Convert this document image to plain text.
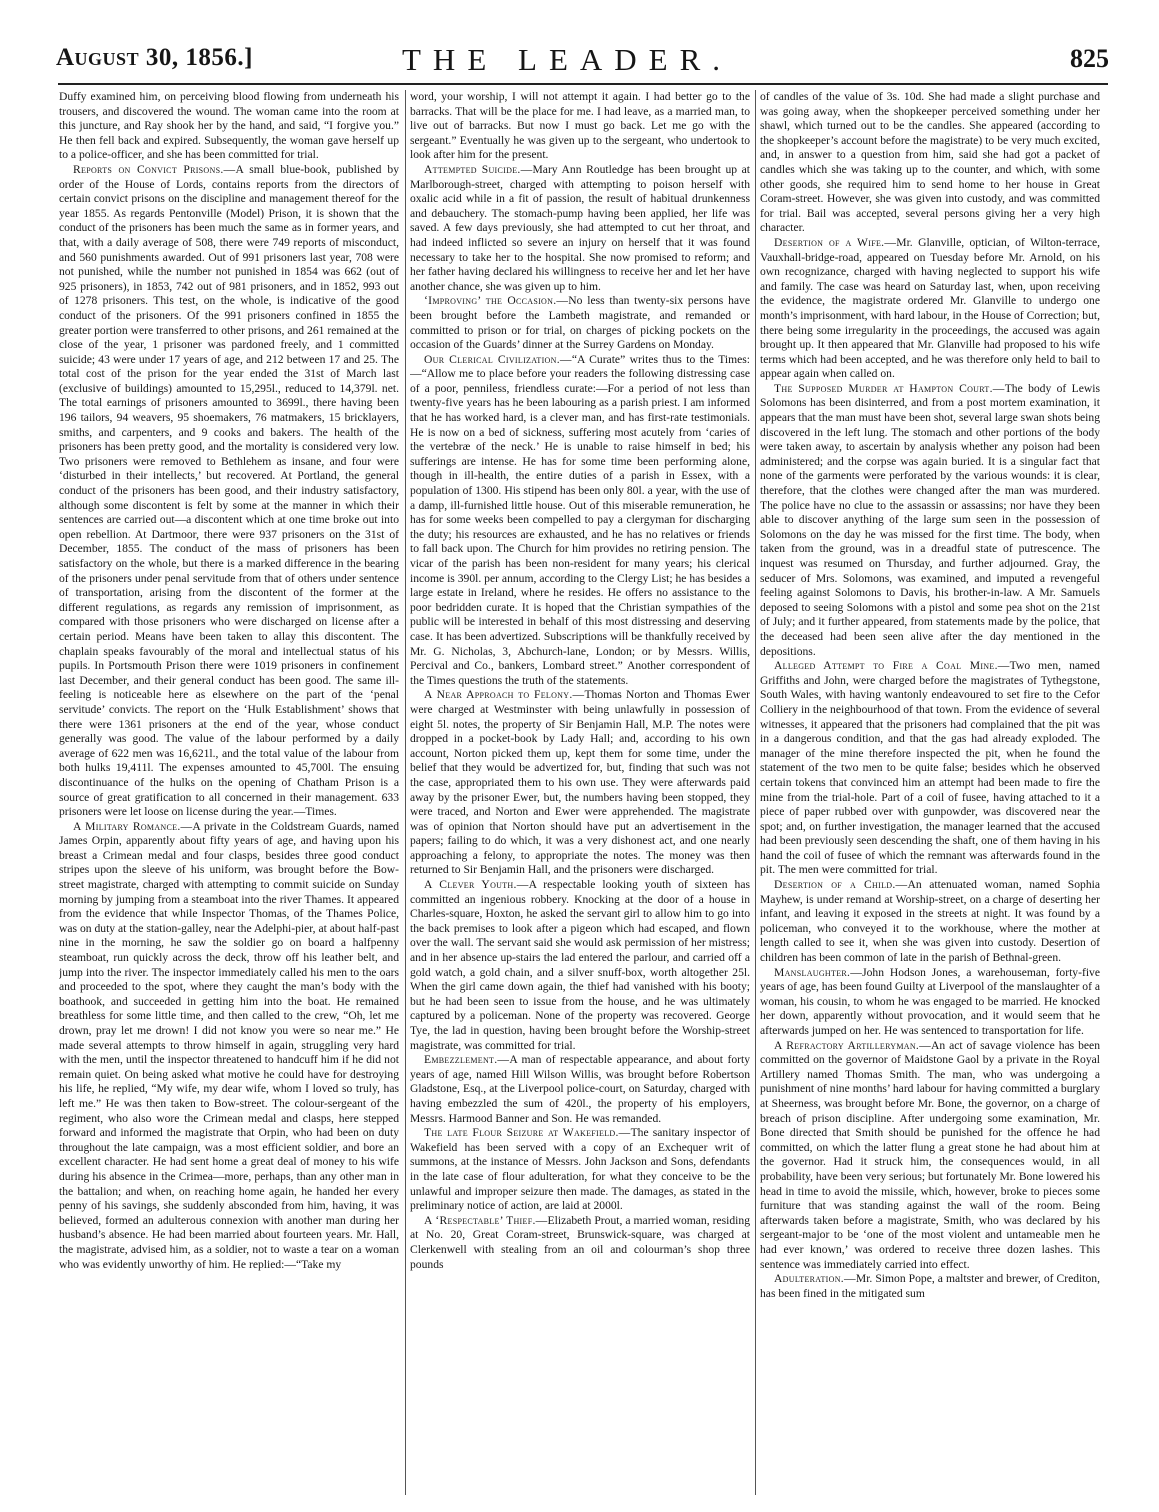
August 30, 1856.]	THE LEADER.	825

Duffy examined him, on perceiving blood flowing from underneath his trousers, and discovered the wound. The woman came into the room at this juncture, and Ray shook her by the hand, and said, “I forgive you.” He then fell back and expired. Subsequently, the woman gave herself up to a police-officer, and she has been committed for trial.

Reports on Convict Prisons.—A small blue-book, published by order of the House of Lords, contains reports from the directors of certain convict prisons on the discipline and management thereof for the year 1855. As regards Pentonville (Model) Prison, it is shown that the conduct of the prisoners has been much the same as in former years, and that, with a daily average of 508, there were 749 reports of misconduct, and 560 punishments awarded. Out of 991 prisoners last year, 708 were not punished, while the number not punished in 1854 was 662 (out of 925 prisoners), in 1853, 742 out of 981 prisoners, and in 1852, 993 out of 1278 prisoners. This test, on the whole, is indicative of the good conduct of the prisoners. Of the 991 prisoners confined in 1855 the greater portion were transferred to other prisons, and 261 remained at the close of the year, 1 prisoner was pardoned freely, and 1 committed suicide; 43 were under 17 years of age, and 212 between 17 and 25. The total cost of the prison for the year ended the 31st of March last (exclusive of buildings) amounted to 15,295l., reduced to 14,379l. net. The total earnings of prisoners amounted to 3699l., there having been 196 tailors, 94 weavers, 95 shoemakers, 76 matmakers, 15 bricklayers, smiths, and carpenters, and 9 cooks and bakers. The health of the prisoners has been pretty good, and the mortality is considered very low. Two prisoners were removed to Bethlehem as insane, and four were ‘disturbed in their intellects,’ but recovered. At Portland, the general conduct of the prisoners has been good, and their industry satisfactory, although some discontent is felt by some at the manner in which their sentences are carried out—a discontent which at one time broke out into open rebellion. At Dartmoor, there were 937 prisoners on the 31st of December, 1855. The conduct of the mass of prisoners has been satisfactory on the whole, but there is a marked difference in the bearing of the prisoners under penal servitude from that of others under sentence of transportation, arising from the discontent of the former at the different regulations, as regards any remission of imprisonment, as compared with those prisoners who were discharged on license after a certain period. Means have been taken to allay this discontent. The chaplain speaks favourably of the moral and intellectual status of his pupils. In Portsmouth Prison there were 1019 prisoners in confinement last December, and their general conduct has been good. The same ill-feeling is noticeable here as elsewhere on the part of the ‘penal servitude’ convicts. The report on the ‘Hulk Establishment’ shows that there were 1361 prisoners at the end of the year, whose conduct generally was good. The value of the labour performed by a daily average of 622 men was 16,621l., and the total value of the labour from both hulks 19,411l. The expenses amounted to 45,700l. The ensuing discontinuance of the hulks on the opening of Chatham Prison is a source of great gratification to all concerned in their management. 633 prisoners were let loose on license during the year.—Times.

A Military Romance.—A private in the Coldstream Guards, named James Orpin, apparently about fifty years of age, and having upon his breast a Crimean medal and four clasps, besides three good conduct stripes upon the sleeve of his uniform, was brought before the Bow-street magistrate, charged with attempting to commit suicide on Sunday morning by jumping from a steamboat into the river Thames. It appeared from the evidence that while Inspector Thomas, of the Thames Police, was on duty at the station-galley, near the Adelphi-pier, at about half-past nine in the morning, he saw the soldier go on board a halfpenny steamboat, run quickly across the deck, throw off his leather belt, and jump into the river. The inspector immediately called his men to the oars and proceeded to the spot, where they caught the man’s body with the boathook, and succeeded in getting him into the boat. He remained breathless for some little time, and then called to the crew, “Oh, let me drown, pray let me drown! I did not know you were so near me.” He made several attempts to throw himself in again, struggling very hard with the men, until the inspector threatened to handcuff him if he did not remain quiet. On being asked what motive he could have for destroying his life, he replied, “My wife, my dear wife, whom I loved so truly, has left me.” He was then taken to Bow-street. The colour-sergeant of the regiment, who also wore the Crimean medal and clasps, here stepped forward and informed the magistrate that Orpin, who had been on duty throughout the late campaign, was a most efficient soldier, and bore an excellent character. He had sent home a great deal of money to his wife during his absence in the Crimea—more, perhaps, than any other man in the battalion; and when, on reaching home again, he handed her every penny of his savings, she suddenly absconded from him, having, it was believed, formed an adulterous connexion with another man during her husband’s absence. He had been married about fourteen years. Mr. Hall, the magistrate, advised him, as a soldier, not to waste a tear on a woman who was evidently unworthy of him. He replied:—“Take my

word, your worship, I will not attempt it again. I had better go to the barracks. That will be the place for me. I had leave, as a married man, to live out of barracks. But now I must go back. Let me go with the sergeant.” Eventually he was given up to the sergeant, who undertook to look after him for the present.

Attempted Suicide.—Mary Ann Routledge has been brought up at Marlborough-street, charged with attempting to poison herself with oxalic acid while in a fit of passion, the result of habitual drunkenness and debauchery. The stomach-pump having been applied, her life was saved. A few days previously, she had attempted to cut her throat, and had indeed inflicted so severe an injury on herself that it was found necessary to take her to the hospital. She now promised to reform; and her father having declared his willingness to receive her and let her have another chance, she was given up to him.

‘Improving’ the Occasion.—No less than twenty-six persons have been brought before the Lambeth magistrate, and remanded or committed to prison or for trial, on charges of picking pockets on the occasion of the Guards’ dinner at the Surrey Gardens on Monday.

Our Clerical Civilization.—“A Curate” writes thus to the Times:—“Allow me to place before your readers the following distressing case of a poor, penniless, friendless curate:—For a period of not less than twenty-five years has he been labouring as a parish priest. I am informed that he has worked hard, is a clever man, and has first-rate testimonials. He is now on a bed of sickness, suffering most acutely from ‘caries of the vertebræ of the neck.’ He is unable to raise himself in bed; his sufferings are intense. He has for some time been performing alone, though in ill-health, the entire duties of a parish in Essex, with a population of 1300. His stipend has been only 80l. a year, with the use of a damp, ill-furnished little house. Out of this miserable remuneration, he has for some weeks been compelled to pay a clergyman for discharging the duty; his resources are exhausted, and he has no relatives or friends to fall back upon. The Church for him provides no retiring pension. The vicar of the parish has been non-resident for many years; his clerical income is 390l. per annum, according to the Clergy List; he has besides a large estate in Ireland, where he resides. He offers no assistance to the poor bedridden curate. It is hoped that the Christian sympathies of the public will be interested in behalf of this most distressing and deserving case. It has been advertized. Subscriptions will be thankfully received by Mr. G. Nicholas, 3, Abchurch-lane, London; or by Messrs. Willis, Percival and Co., bankers, Lombard street.” Another correspondent of the Times questions the truth of the statements.

A Near Approach to Felony.—Thomas Norton and Thomas Ewer were charged at Westminster with being unlawfully in possession of eight 5l. notes, the property of Sir Benjamin Hall, M.P. The notes were dropped in a pocket-book by Lady Hall; and, according to his own account, Norton picked them up, kept them for some time, under the belief that they would be advertized for, but, finding that such was not the case, appropriated them to his own use. They were afterwards paid away by the prisoner Ewer, but, the numbers having been stopped, they were traced, and Norton and Ewer were apprehended. The magistrate was of opinion that Norton should have put an advertisement in the papers; failing to do which, it was a very dishonest act, and one nearly approaching a felony, to appropriate the notes. The money was then returned to Sir Benjamin Hall, and the prisoners were discharged.

A Clever Youth.—A respectable looking youth of sixteen has committed an ingenious robbery. Knocking at the door of a house in Charles-square, Hoxton, he asked the servant girl to allow him to go into the back premises to look after a pigeon which had escaped, and flown over the wall. The servant said she would ask permission of her mistress; and in her absence up-stairs the lad entered the parlour, and carried off a gold watch, a gold chain, and a silver snuff-box, worth altogether 25l. When the girl came down again, the thief had vanished with his booty; but he had been seen to issue from the house, and he was ultimately captured by a policeman. None of the property was recovered. George Tye, the lad in question, having been brought before the Worship-street magistrate, was committed for trial.

Embezzlement.—A man of respectable appearance, and about forty years of age, named Hill Wilson Willis, was brought before Robertson Gladstone, Esq., at the Liverpool police-court, on Saturday, charged with having embezzled the sum of 420l., the property of his employers, Messrs. Harmood Banner and Son. He was remanded.

The late Flour Seizure at Wakefield.—The sanitary inspector of Wakefield has been served with a copy of an Exchequer writ of summons, at the instance of Messrs. John Jackson and Sons, defendants in the late case of flour adulteration, for what they conceive to be the unlawful and improper seizure then made. The damages, as stated in the preliminary notice of action, are laid at 2000l.

A ‘Respectable’ Thief.—Elizabeth Prout, a married woman, residing at No. 20, Great Coram-street, Brunswick-square, was charged at Clerkenwell with stealing from an oil and colourman’s shop three pounds

of candles of the value of 3s. 10d. She had made a slight purchase and was going away, when the shopkeeper perceived something under her shawl, which turned out to be the candles. She appeared (according to the shopkeeper’s account before the magistrate) to be very much excited, and, in answer to a question from him, said she had got a packet of candles which she was taking up to the counter, and which, with some other goods, she required him to send home to her house in Great Coram-street. However, she was given into custody, and was committed for trial. Bail was accepted, several persons giving her a very high character.

Desertion of a Wife.—Mr. Glanville, optician, of Wilton-terrace, Vauxhall-bridge-road, appeared on Tuesday before Mr. Arnold, on his own recognizance, charged with having neglected to support his wife and family. The case was heard on Saturday last, when, upon receiving the evidence, the magistrate ordered Mr. Glanville to undergo one month’s imprisonment, with hard labour, in the House of Correction; but, there being some irregularity in the proceedings, the accused was again brought up. It then appeared that Mr. Glanville had proposed to his wife terms which had been accepted, and he was therefore only held to bail to appear again when called on.

The Supposed Murder at Hampton Court.—The body of Lewis Solomons has been disinterred, and from a post mortem examination, it appears that the man must have been shot, several large swan shots being discovered in the left lung. The stomach and other portions of the body were taken away, to ascertain by analysis whether any poison had been administered; and the corpse was again buried. It is a singular fact that none of the garments were perforated by the various wounds: it is clear, therefore, that the clothes were changed after the man was murdered. The police have no clue to the assassin or assassins; nor have they been able to discover anything of the large sum seen in the possession of Solomons on the day he was missed for the first time. The body, when taken from the ground, was in a dreadful state of putrescence. The inquest was resumed on Thursday, and further adjourned. Gray, the seducer of Mrs. Solomons, was examined, and imputed a revengeful feeling against Solomons to Davis, his brother-in-law. A Mr. Samuels deposed to seeing Solomons with a pistol and some pea shot on the 21st of July; and it further appeared, from statements made by the police, that the deceased had been seen alive after the day mentioned in the depositions.

Alleged Attempt to Fire a Coal Mine.—Two men, named Griffiths and John, were charged before the magistrates of Tythegstone, South Wales, with having wantonly endeavoured to set fire to the Cefor Colliery in the neighbourhood of that town. From the evidence of several witnesses, it appeared that the prisoners had complained that the pit was in a dangerous condition, and that the gas had already exploded. The manager of the mine therefore inspected the pit, when he found the statement of the two men to be quite false; besides which he observed certain tokens that convinced him an attempt had been made to fire the mine from the trial-hole. Part of a coil of fusee, having attached to it a piece of paper rubbed over with gunpowder, was discovered near the spot; and, on further investigation, the manager learned that the accused had been previously seen descending the shaft, one of them having in his hand the coil of fusee of which the remnant was afterwards found in the pit. The men were committed for trial.

Desertion of a Child.—An attenuated woman, named Sophia Mayhew, is under remand at Worship-street, on a charge of deserting her infant, and leaving it exposed in the streets at night. It was found by a policeman, who conveyed it to the workhouse, where the mother at length called to see it, when she was given into custody. Desertion of children has been common of late in the parish of Bethnal-green.

Manslaughter.—John Hodson Jones, a warehouseman, forty-five years of age, has been found Guilty at Liverpool of the manslaughter of a woman, his cousin, to whom he was engaged to be married. He knocked her down, apparently without provocation, and it would seem that he afterwards jumped on her. He was sentenced to transportation for life.

A Refractory Artilleryman.—An act of savage violence has been committed on the governor of Maidstone Gaol by a private in the Royal Artillery named Thomas Smith. The man, who was undergoing a punishment of nine months’ hard labour for having committed a burglary at Sheerness, was brought before Mr. Bone, the governor, on a charge of breach of prison discipline. After undergoing some examination, Mr. Bone directed that Smith should be punished for the offence he had committed, on which the latter flung a great stone he had about him at the governor. Had it struck him, the consequences would, in all probability, have been very serious; but fortunately Mr. Bone lowered his head in time to avoid the missile, which, however, broke to pieces some furniture that was standing against the wall of the room. Being afterwards taken before a magistrate, Smith, who was declared by his sergeant-major to be ‘one of the most violent and untameable men he had ever known,’ was ordered to receive three dozen lashes. This sentence was immediately carried into effect.

Adulteration.—Mr. Simon Pope, a maltster and brewer, of Crediton, has been fined in the mitigated sum
